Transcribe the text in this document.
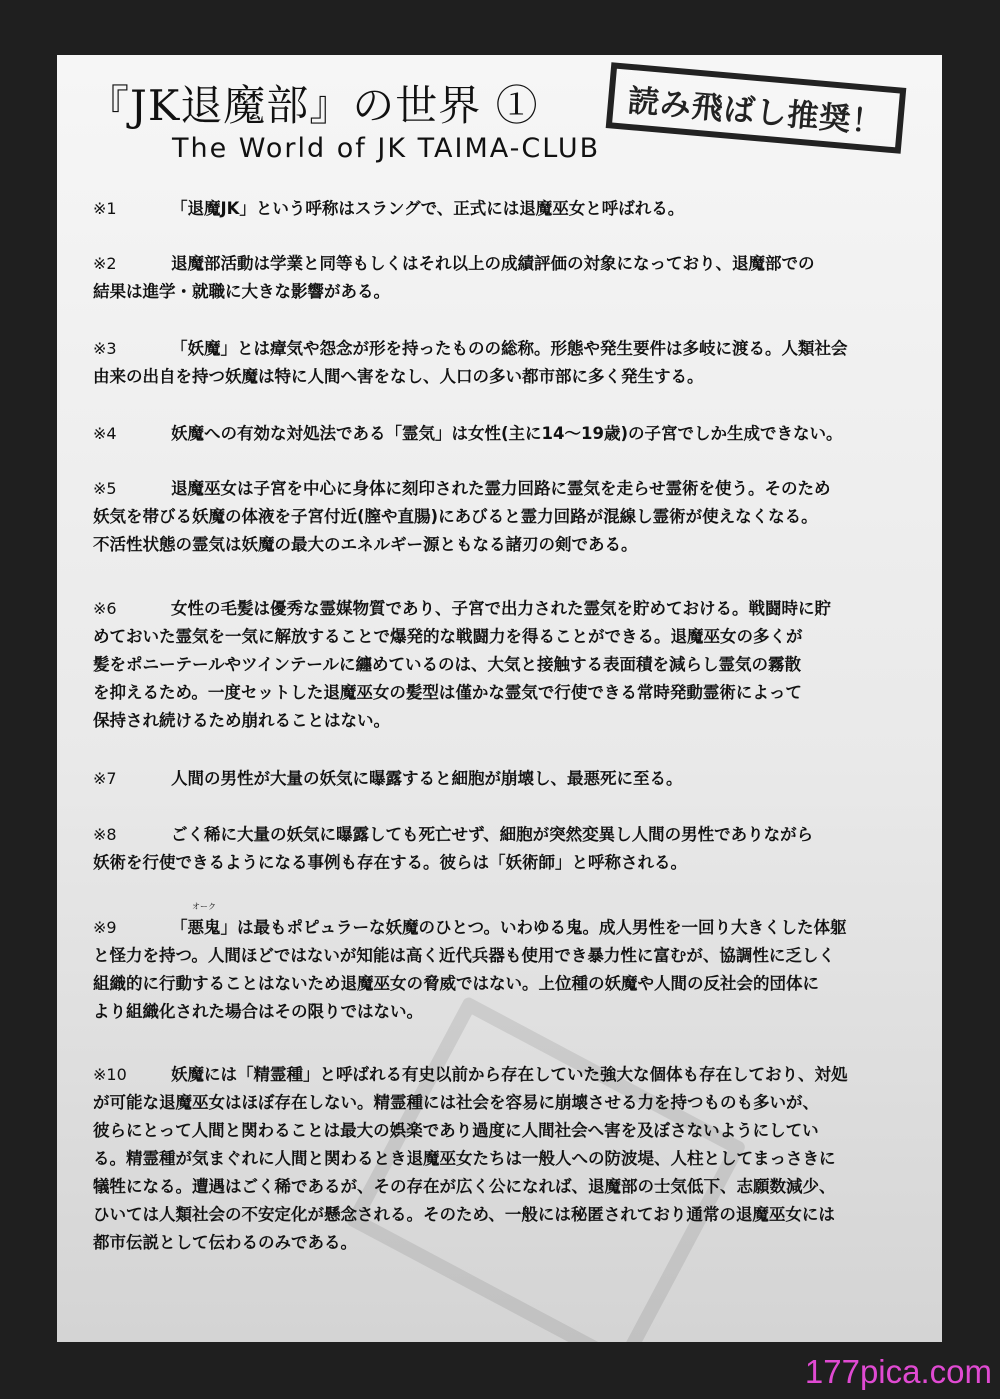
『JK退魔部』の世界 ①
The World of JK TAIMA-CLUB
読み飛ばし推奨！
※1	「退魔JK」という呼称はスラングで、正式には退魔巫女と呼ばれる。
※2	退魔部活動は学業と同等もしくはそれ以上の成績評価の対象になっており、退魔部での
結果は進学・就職に大きな影響がある。
※3	「妖魔」とは瘴気や怨念が形を持ったものの総称。形態や発生要件は多岐に渡る。人類社会
由来の出自を持つ妖魔は特に人間へ害をなし、人口の多い都市部に多く発生する。
※4	妖魔への有効な対処法である「霊気」は女性(主に14〜19歳)の子宮でしか生成できない。
※5	退魔巫女は子宮を中心に身体に刻印された霊力回路に霊気を走らせ霊術を使う。そのため
妖気を帯びる妖魔の体液を子宮付近(膣や直腸)にあびると霊力回路が混線し霊術が使えなくなる。
不活性状態の霊気は妖魔の最大のエネルギー源ともなる諸刃の剣である。
※6	女性の毛髪は優秀な霊媒物質であり、子宮で出力された霊気を貯めておける。戦闘時に貯
めておいた霊気を一気に解放することで爆発的な戦闘力を得ることができる。退魔巫女の多くが
髪をポニーテールやツインテールに纏めているのは、大気と接触する表面積を減らし霊気の霧散
を抑えるため。一度セットした退魔巫女の髪型は僅かな霊気で行使できる常時発動霊術によって
保持され続けるため崩れることはない。
※7	人間の男性が大量の妖気に曝露すると細胞が崩壊し、最悪死に至る。
※8	ごく稀に大量の妖気に曝露しても死亡せず、細胞が突然変異し人間の男性でありながら
妖術を行使できるようになる事例も存在する。彼らは「妖術師」と呼称される。
※9
オーク
「悪鬼」は最もポピュラーな妖魔のひとつ。いわゆる鬼。成人男性を一回り大きくした体躯
と怪力を持つ。人間ほどではないが知能は高く近代兵器も使用でき暴力性に富むが、協調性に乏しく
組織的に行動することはないため退魔巫女の脅威ではない。上位種の妖魔や人間の反社会的団体に
より組織化された場合はその限りではない。
※10	妖魔には「精霊種」と呼ばれる有史以前から存在していた強大な個体も存在しており、対処
が可能な退魔巫女はほぼ存在しない。精霊種には社会を容易に崩壊させる力を持つものも多いが、
彼らにとって人間と関わることは最大の娯楽であり過度に人間社会へ害を及ぼさないようにしてい
る。精霊種が気まぐれに人間と関わるとき退魔巫女たちは一般人への防波堤、人柱としてまっさきに
犠牲になる。遭遇はごく稀であるが、その存在が広く公になれば、退魔部の士気低下、志願数減少、
ひいては人類社会の不安定化が懸念される。そのため、一般には秘匿されており通常の退魔巫女には
都市伝説として伝わるのみである。
177pica.com
